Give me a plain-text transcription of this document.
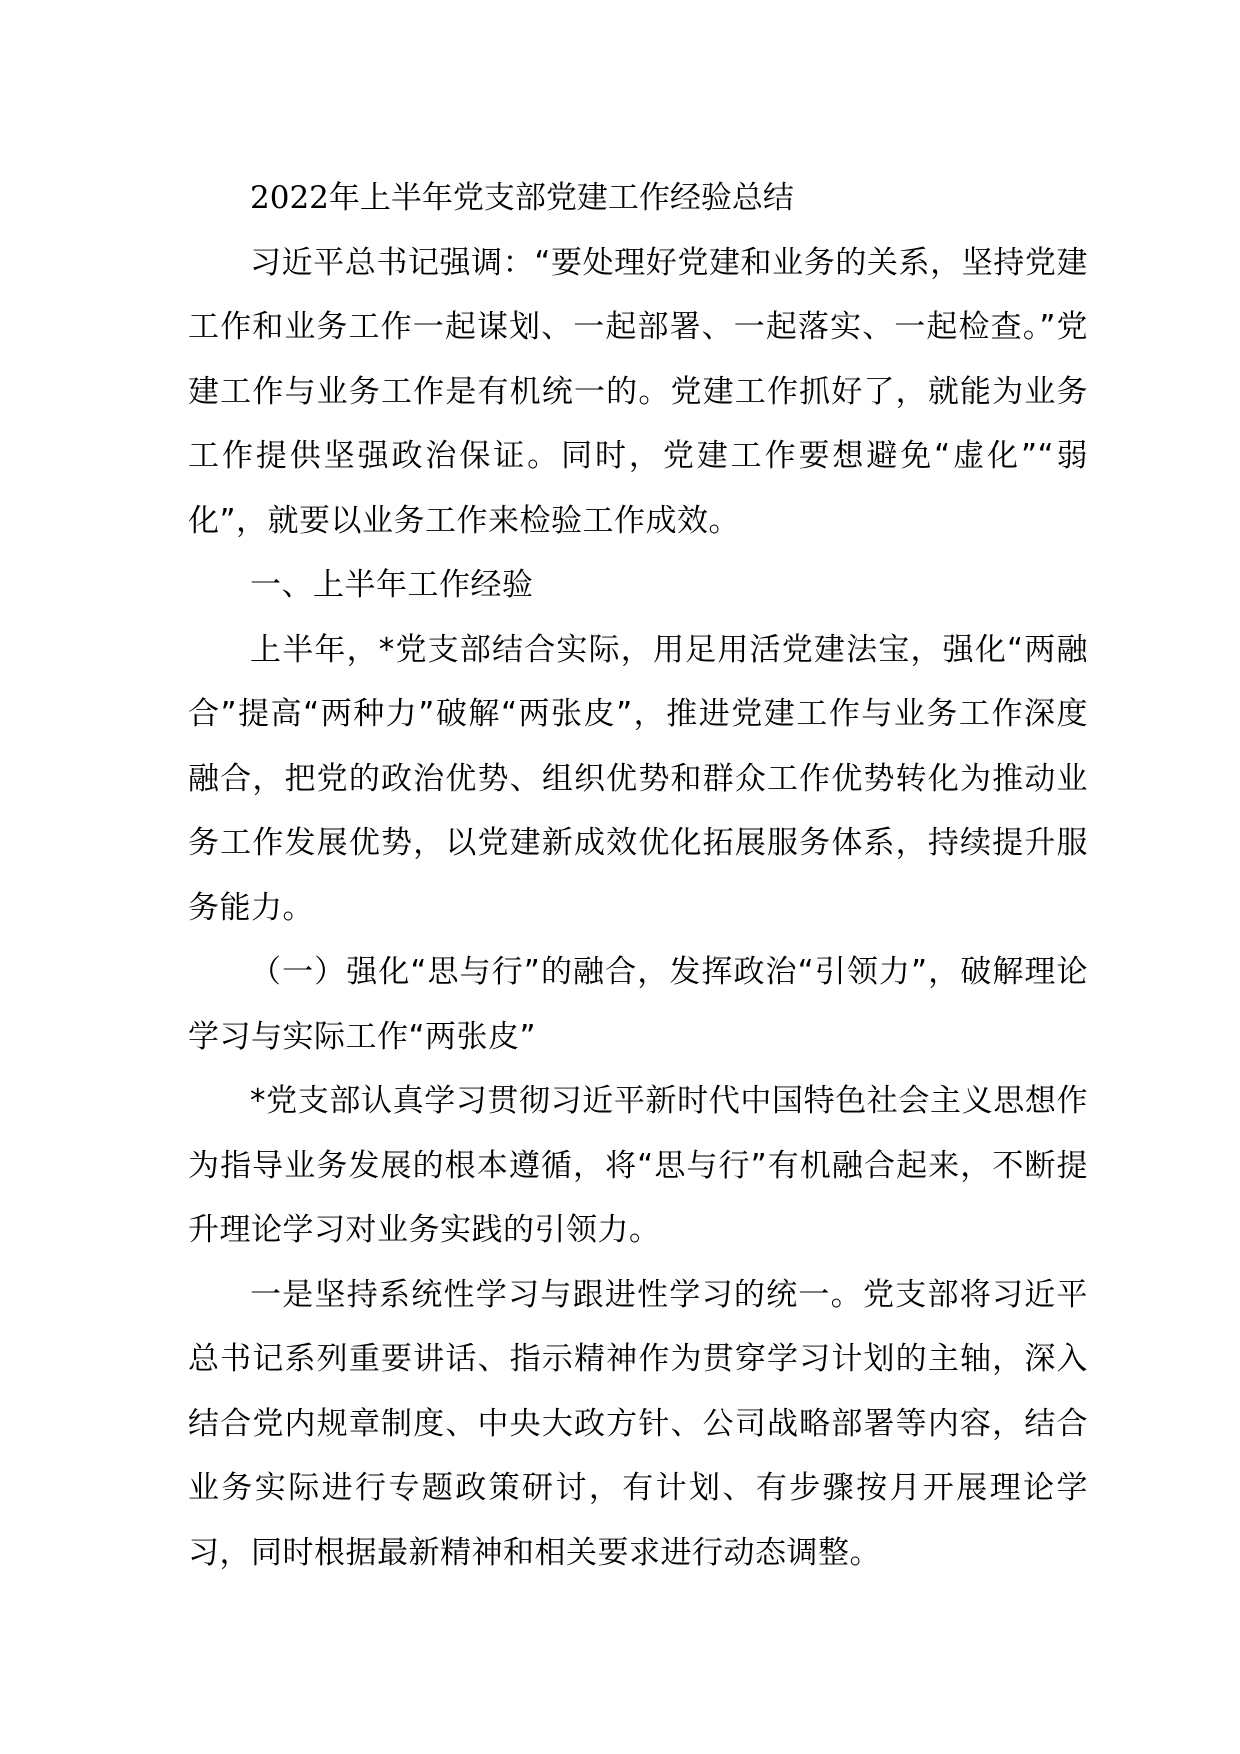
2022年上半年党支部党建工作经验总结

习近平总书记强调：“要处理好党建和业务的关系，坚持党建工作和业务工作一起谋划、一起部署、一起落实、一起检查。”党建工作与业务工作是有机统一的。党建工作抓好了，就能为业务工作提供坚强政治保证。同时，党建工作要想避免“虚化”“弱化”，就要以业务工作来检验工作成效。

一、上半年工作经验

上半年，*党支部结合实际，用足用活党建法宝，强化“两融合”提高“两种力”破解“两张皮”，推进党建工作与业务工作深度融合，把党的政治优势、组织优势和群众工作优势转化为推动业务工作发展优势，以党建新成效优化拓展服务体系，持续提升服务能力。

（一）强化“思与行”的融合，发挥政治“引领力”，破解理论学习与实际工作“两张皮”

*党支部认真学习贯彻习近平新时代中国特色社会主义思想作为指导业务发展的根本遵循，将“思与行”有机融合起来，不断提升理论学习对业务实践的引领力。

一是坚持系统性学习与跟进性学习的统一。党支部将习近平总书记系列重要讲话、指示精神作为贯穿学习计划的主轴，深入结合党内规章制度、中央大政方针、公司战略部署等内容，结合业务实际进行专题政策研讨，有计划、有步骤按月开展理论学习，同时根据最新精神和相关要求进行动态调整。
